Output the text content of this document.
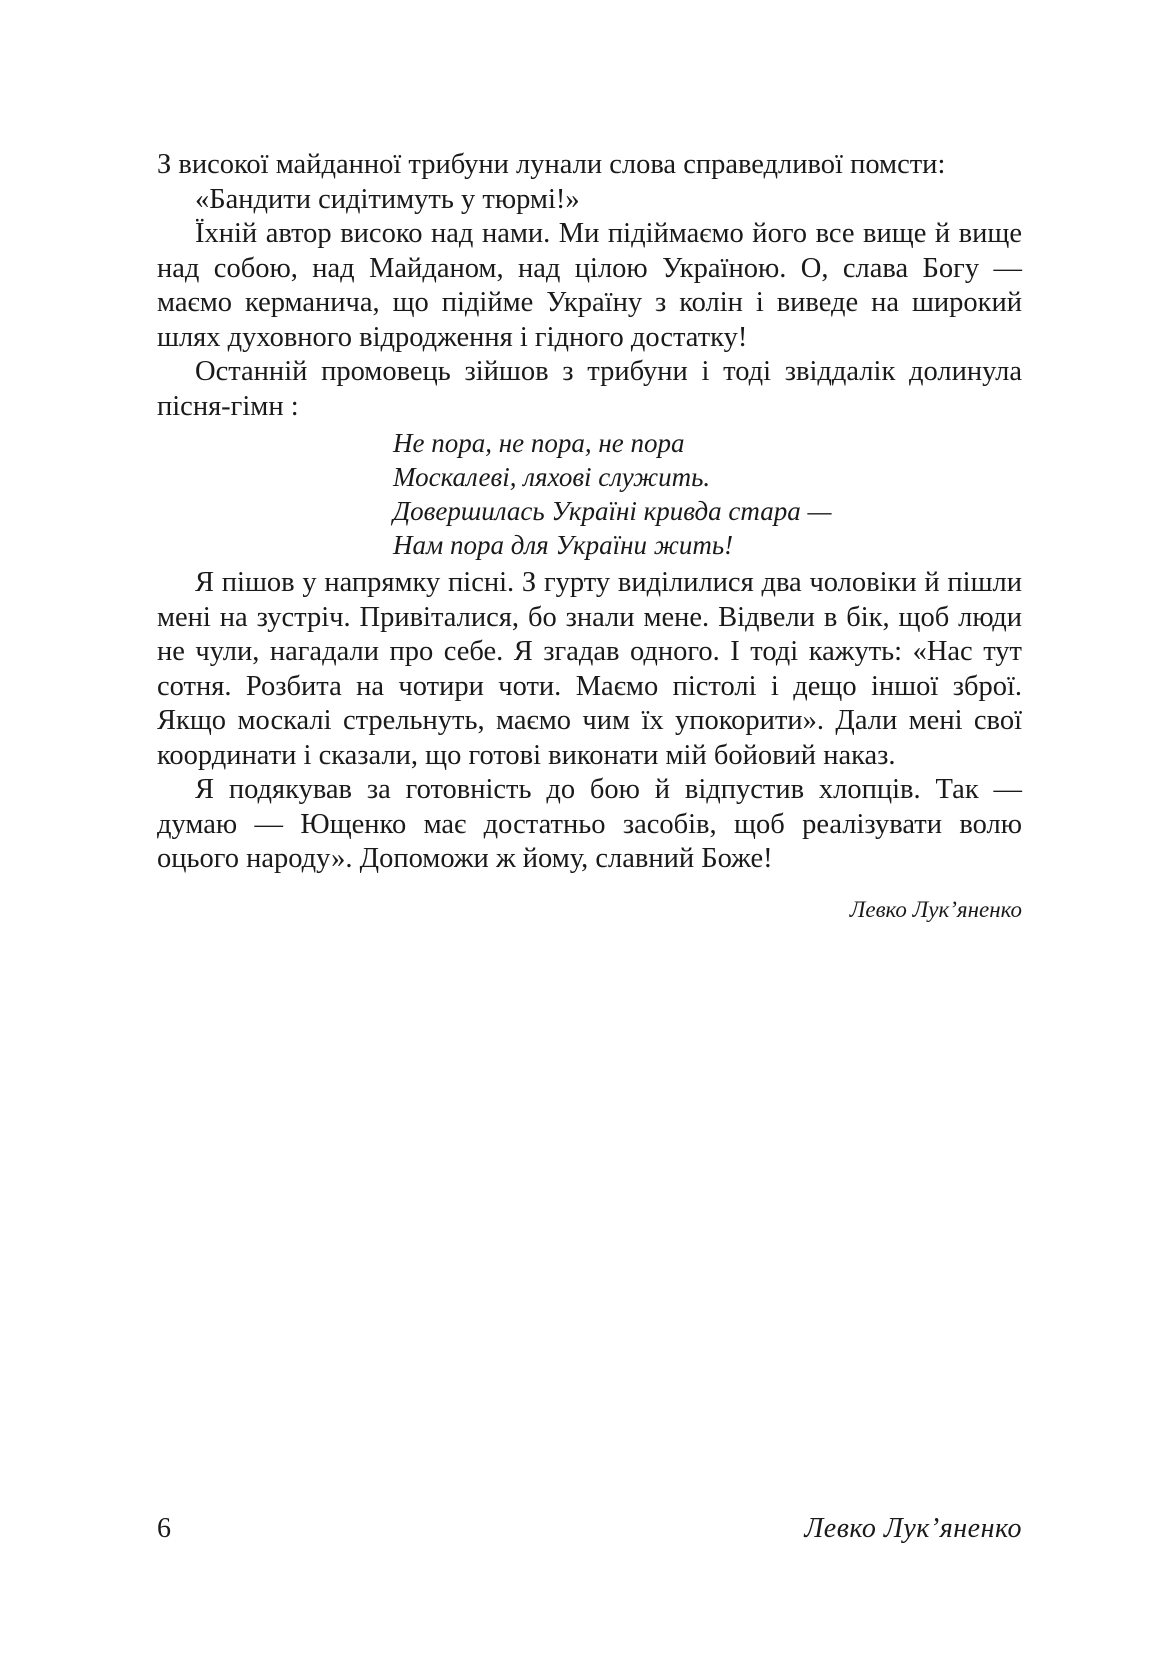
З високої майданної трибуни лунали слова справедливої помсти:

«Бандити сидітимуть у тюрмі!»

Їхній автор високо над нами. Ми підіймаємо його все вище й вище над собою, над Майданом, над цілою Україною. О, слава Богу — маємо керманича, що підійме Україну з колін і виведе на широкий шлях духовного відродження і гідного достатку!

Останній промовець зійшов з трибуни і тоді звіддалік долинула пісня-гімн :

Не пора, не пора, не пора
Москалеві, ляхові служить.
Довершилась Україні кривда стара —
Нам пора для України жить!

Я пішов у напрямку пісні. З гурту виділилися два чоловіки й пішли мені на зустріч. Привіталися, бо знали мене. Відвели в бік, щоб люди не чули, нагадали про себе. Я згадав одного. І тоді кажуть: «Нас тут сотня. Розбита на чотири чоти. Маємо пістолі і дещо іншої зброї. Якщо москалі стрельнуть, маємо чим їх упокорити». Дали мені свої координати і сказали, що готові виконати мій бойовий наказ.

Я подякував за готовність до бою й відпустив хлопців. Так — думаю — Ющенко має достатньо засобів, щоб реалізувати волю оцього народу». Допоможи ж йому, славний Боже!

Левко Лук’яненко
6	Левко Лук’яненко
